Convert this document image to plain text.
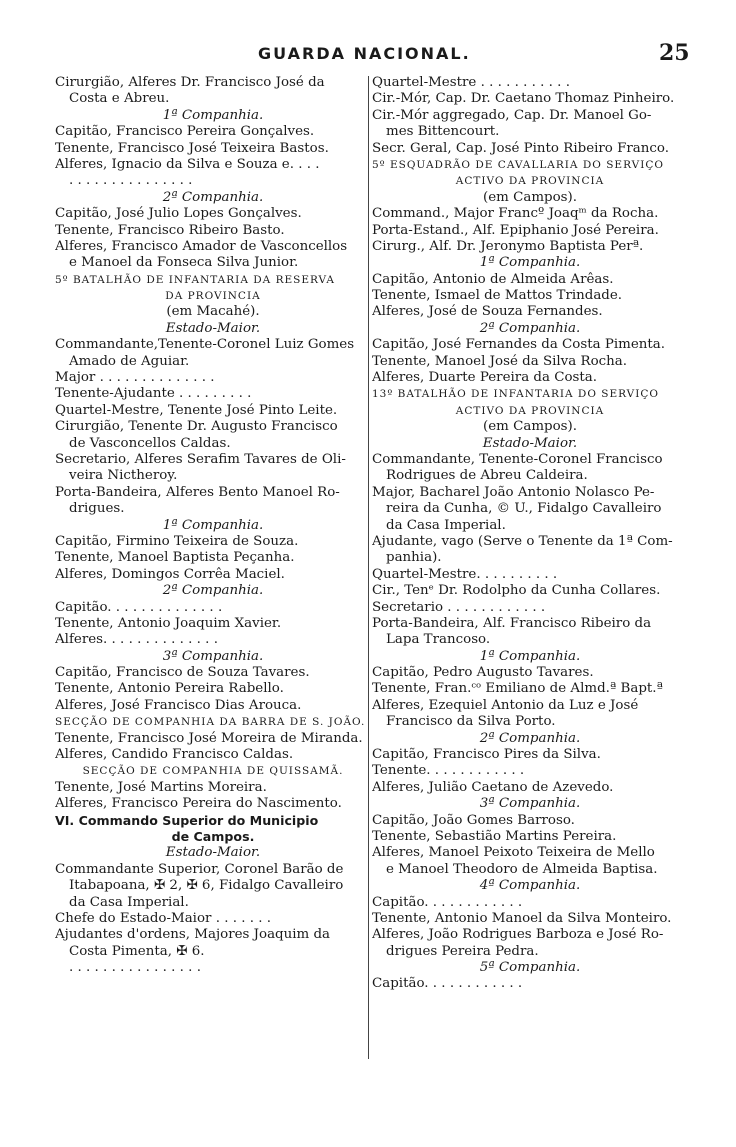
GUARDA NACIONAL.	25
Cirurgião, Alferes Dr. Francisco José da
Costa e Abreu.
1ª Companhia.
Capitão, Francisco Pereira Gonçalves.
Tenente, Francisco José Teixeira Bastos.
Alferes, Ignacio da Silva e Souza e. . . .
. . . . . . . . . . . . . . .
2ª Companhia.
Capitão, José Julio Lopes Gonçalves.
Tenente, Francisco Ribeiro Basto.
Alferes, Francisco Amador de Vasconcellos
e Manoel da Fonseca Silva Junior.
5º BATALHÃO DE INFANTARIA DA RESERVA
DA PROVINCIA
(em Macahé).
Estado-Maior.
Commandante,Tenente-Coronel Luiz Gomes
Amado de Aguiar.
Major . . . . . . . . . . . . . .
Tenente-Ajudante . . . . . . . . .
Quartel-Mestre, Tenente José Pinto Leite.
Cirurgião, Tenente Dr. Augusto Francisco
de Vasconcellos Caldas.
Secretario, Alferes Serafim Tavares de Oli-
veira Nictheroy.
Porta-Bandeira, Alferes Bento Manoel Ro-
drigues.
1ª Companhia.
Capitão, Firmino Teixeira de Souza.
Tenente, Manoel Baptista Peçanha.
Alferes, Domingos Corrêa Maciel.
2ª Companhia.
Capitão. . . . . . . . . . . . . .
Tenente, Antonio Joaquim Xavier.
Alferes. . . . . . . . . . . . . .
3ª Companhia.
Capitão, Francisco de Souza Tavares.
Tenente, Antonio Pereira Rabello.
Alferes, José Francisco Dias Arouca.
SECÇÃO DE COMPANHIA DA BARRA DE S. JOÃO.
Tenente, Francisco José Moreira de Miranda.
Alferes, Candido Francisco Caldas.
SECÇÃO DE COMPANHIA DE QUISSAMÃ.
Tenente, José Martins Moreira.
Alferes, Francisco Pereira do Nascimento.
VI. Commando Superior do Municipio
de Campos.
Estado-Maior.
Commandante Superior, Coronel Barão de
Itabapoana, ✠ 2, ✠ 6, Fidalgo Cavalleiro
da Casa Imperial.
Chefe do Estado-Maior . . . . . . .
Ajudantes d'ordens, Majores Joaquim da
Costa Pimenta, ✠ 6.
. . . . . . . . . . . . . . . .
Quartel-Mestre . . . . . . . . . . .
Cir.-Mór, Cap. Dr. Caetano Thomaz Pinheiro.
Cir.-Mór aggregado, Cap. Dr. Manoel Go-
mes Bittencourt.
Secr. Geral, Cap. José Pinto Ribeiro Franco.
5º ESQUADRÃO DE CAVALLARIA DO SERVIÇO
ACTIVO DA PROVINCIA
(em Campos).
Command., Major Francº Joaqᵐ da Rocha.
Porta-Estand., Alf. Epiphanio José Pereira.
Cirurg., Alf. Dr. Jeronymo Baptista Perª.
1ª Companhia.
Capitão, Antonio de Almeida Arêas.
Tenente, Ismael de Mattos Trindade.
Alferes, José de Souza Fernandes.
2ª Companhia.
Capitão, José Fernandes da Costa Pimenta.
Tenente, Manoel José da Silva Rocha.
Alferes, Duarte Pereira da Costa.
13º BATALHÃO DE INFANTARIA DO SERVIÇO
ACTIVO DA PROVINCIA
(em Campos).
Estado-Maior.
Commandante, Tenente-Coronel Francisco
Rodrigues de Abreu Caldeira.
Major, Bacharel João Antonio Nolasco Pe-
reira da Cunha, © U., Fidalgo Cavalleiro
da Casa Imperial.
Ajudante, vago (Serve o Tenente da 1ª Com-
panhia).
Quartel-Mestre. . . . . . . . . .
Cir., Tenᵉ Dr. Rodolpho da Cunha Collares.
Secretario . . . . . . . . . . . .
Porta-Bandeira, Alf. Francisco Ribeiro da
Lapa Trancoso.
1ª Companhia.
Capitão, Pedro Augusto Tavares.
Tenente, Fran.ᶜᵒ Emiliano de Almd.ª Bapt.ª
Alferes, Ezequiel Antonio da Luz e José
Francisco da Silva Porto.
2ª Companhia.
Capitão, Francisco Pires da Silva.
Tenente. . . . . . . . . . . .
Alferes, Julião Caetano de Azevedo.
3ª Companhia.
Capitão, João Gomes Barroso.
Tenente, Sebastião Martins Pereira.
Alferes, Manoel Peixoto Teixeira de Mello
e Manoel Theodoro de Almeida Baptisa.
4ª Companhia.
Capitão. . . . . . . . . . . .
Tenente, Antonio Manoel da Silva Monteiro.
Alferes, João Rodrigues Barboza e José Ro-
drigues Pereira Pedra.
5ª Companhia.
Capitão. . . . . . . . . . . .
